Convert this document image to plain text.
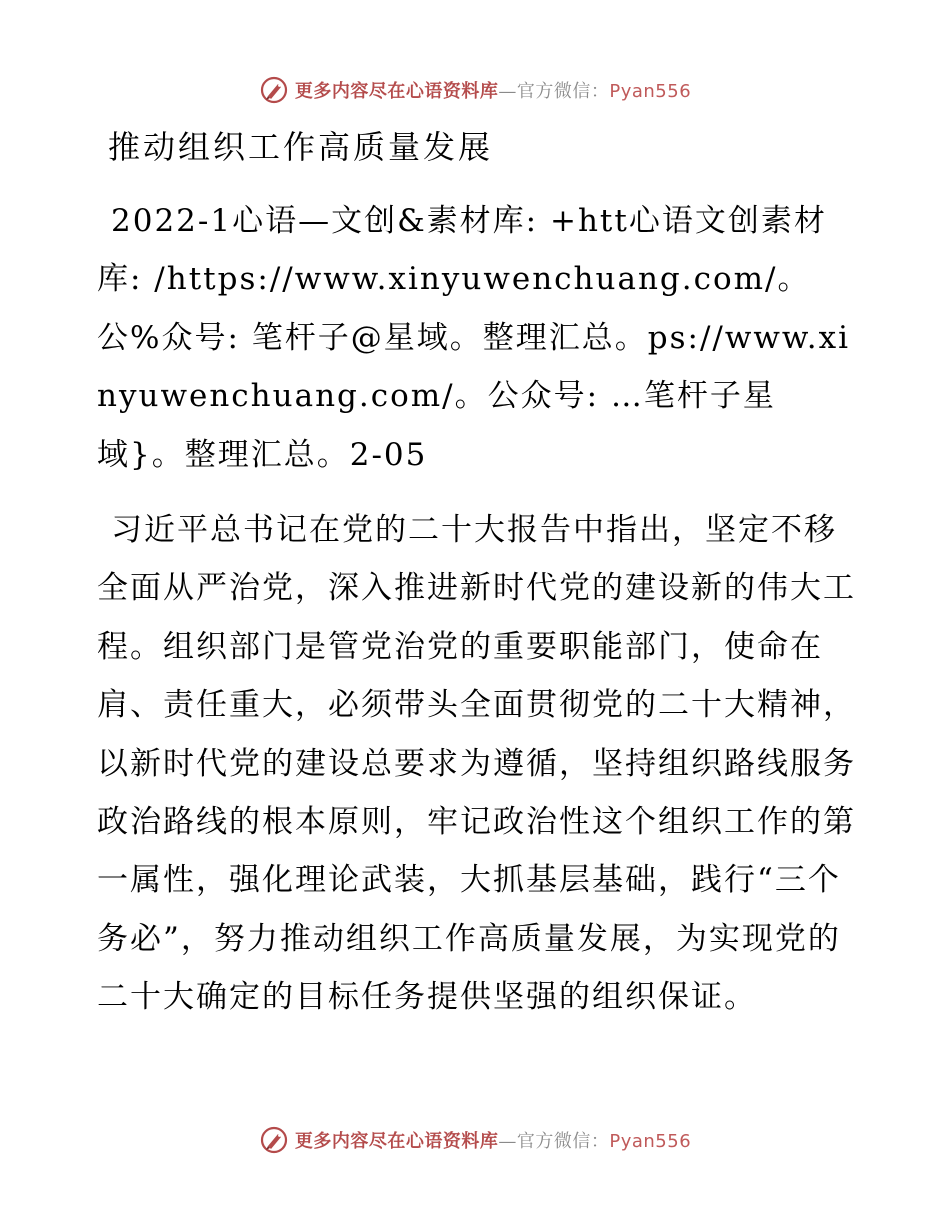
更多内容尽在心语资料库—官方微信：Pyan556
推动组织工作高质量发展

2022-1心语—文创&素材库: +htt心语文创素材库: /https://www.xinyuwenchuang.com/。公%众号: 笔杆子@星域。整理汇总。ps://www.xinyuwenchuang.com/。公众号: …笔杆子星域}。整理汇总。2-05

习近平总书记在党的二十大报告中指出，坚定不移全面从严治党，深入推进新时代党的建设新的伟大工程。组织部门是管党治党的重要职能部门，使命在肩、责任重大，必须带头全面贯彻党的二十大精神，以新时代党的建设总要求为遵循，坚持组织路线服务政治路线的根本原则，牢记政治性这个组织工作的第一属性，强化理论武装，大抓基层基础，践行“三个务必”，努力推动组织工作高质量发展，为实现党的二十大确定的目标任务提供坚强的组织保证。

更多内容尽在心语资料库—官方微信：Pyan556
